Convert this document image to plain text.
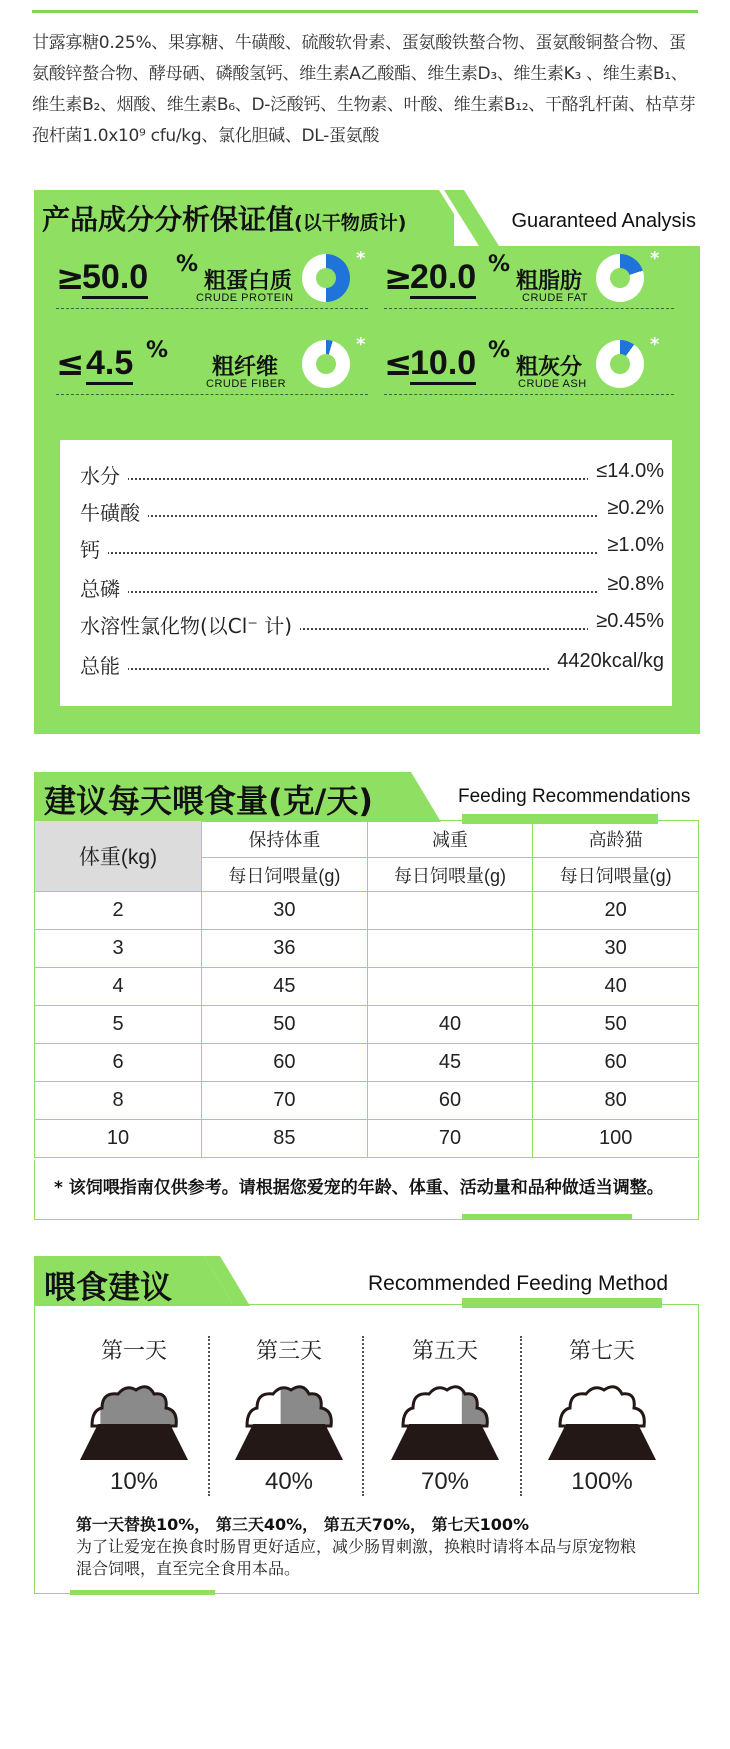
甘露寡糖0.25%、果寡糖、牛磺酸、硫酸软骨素、蛋氨酸铁螯合物、蛋氨酸铜螯合物、蛋氨酸锌螯合物、酵母硒、磷酸氢钙、维生素A乙酸酯、维生素D₃、维生素K₃ 、维生素B₁、维生素B₂、烟酸、维生素B₆、D-泛酸钙、生物素、叶酸、维生素B₁₂、干酪乳杆菌、枯草芽孢杆菌1.0x10⁹ cfu/kg、氯化胆碱、DL-蛋氨酸

产品成分分析保证值(以干物质计)	Guaranteed Analysis
≥
50.0 %
粗蛋白质
CRUDE PROTEIN
* ≥
20.0 %
粗脂肪
CRUDE FAT
*
≤ 4.5 %
粗纤维
CRUDE FIBER
* ≤
10.0 %
粗灰分
CRUDE ASH
*
水分	≤14.0%
牛磺酸	≥0.2%
钙	≥1.0%
总磷	≥0.8%
水溶性氯化物(以Cl⁻ 计)	≥0.45%
总能	4420kcal/kg
建议每天喂食量(克/天)	Feeding Recommendations
体重(kg)	保持体重	减重	高龄猫
	每日饲喂量(g)	每日饲喂量(g)	每日饲喂量(g)
2	30		20
3	36		30
4	45		40
5	50	40	50
6	60	45	60
8	70	60	80
10	85	70	100
* 该饲喂指南仅供参考。请根据您爱宠的年龄、体重、活动量和品种做适当调整。
喂食建议	Recommended Feeding Method
第一天	第三天	第五天	第七天
10%	40%	70%	100%
第一天替换10%， 第三天40%， 第五天70%， 第七天100%
为了让爱宠在换食时肠胃更好适应，减少肠胃刺激，换粮时请将本品与原宠物粮混合饲喂，直至完全食用本品。
